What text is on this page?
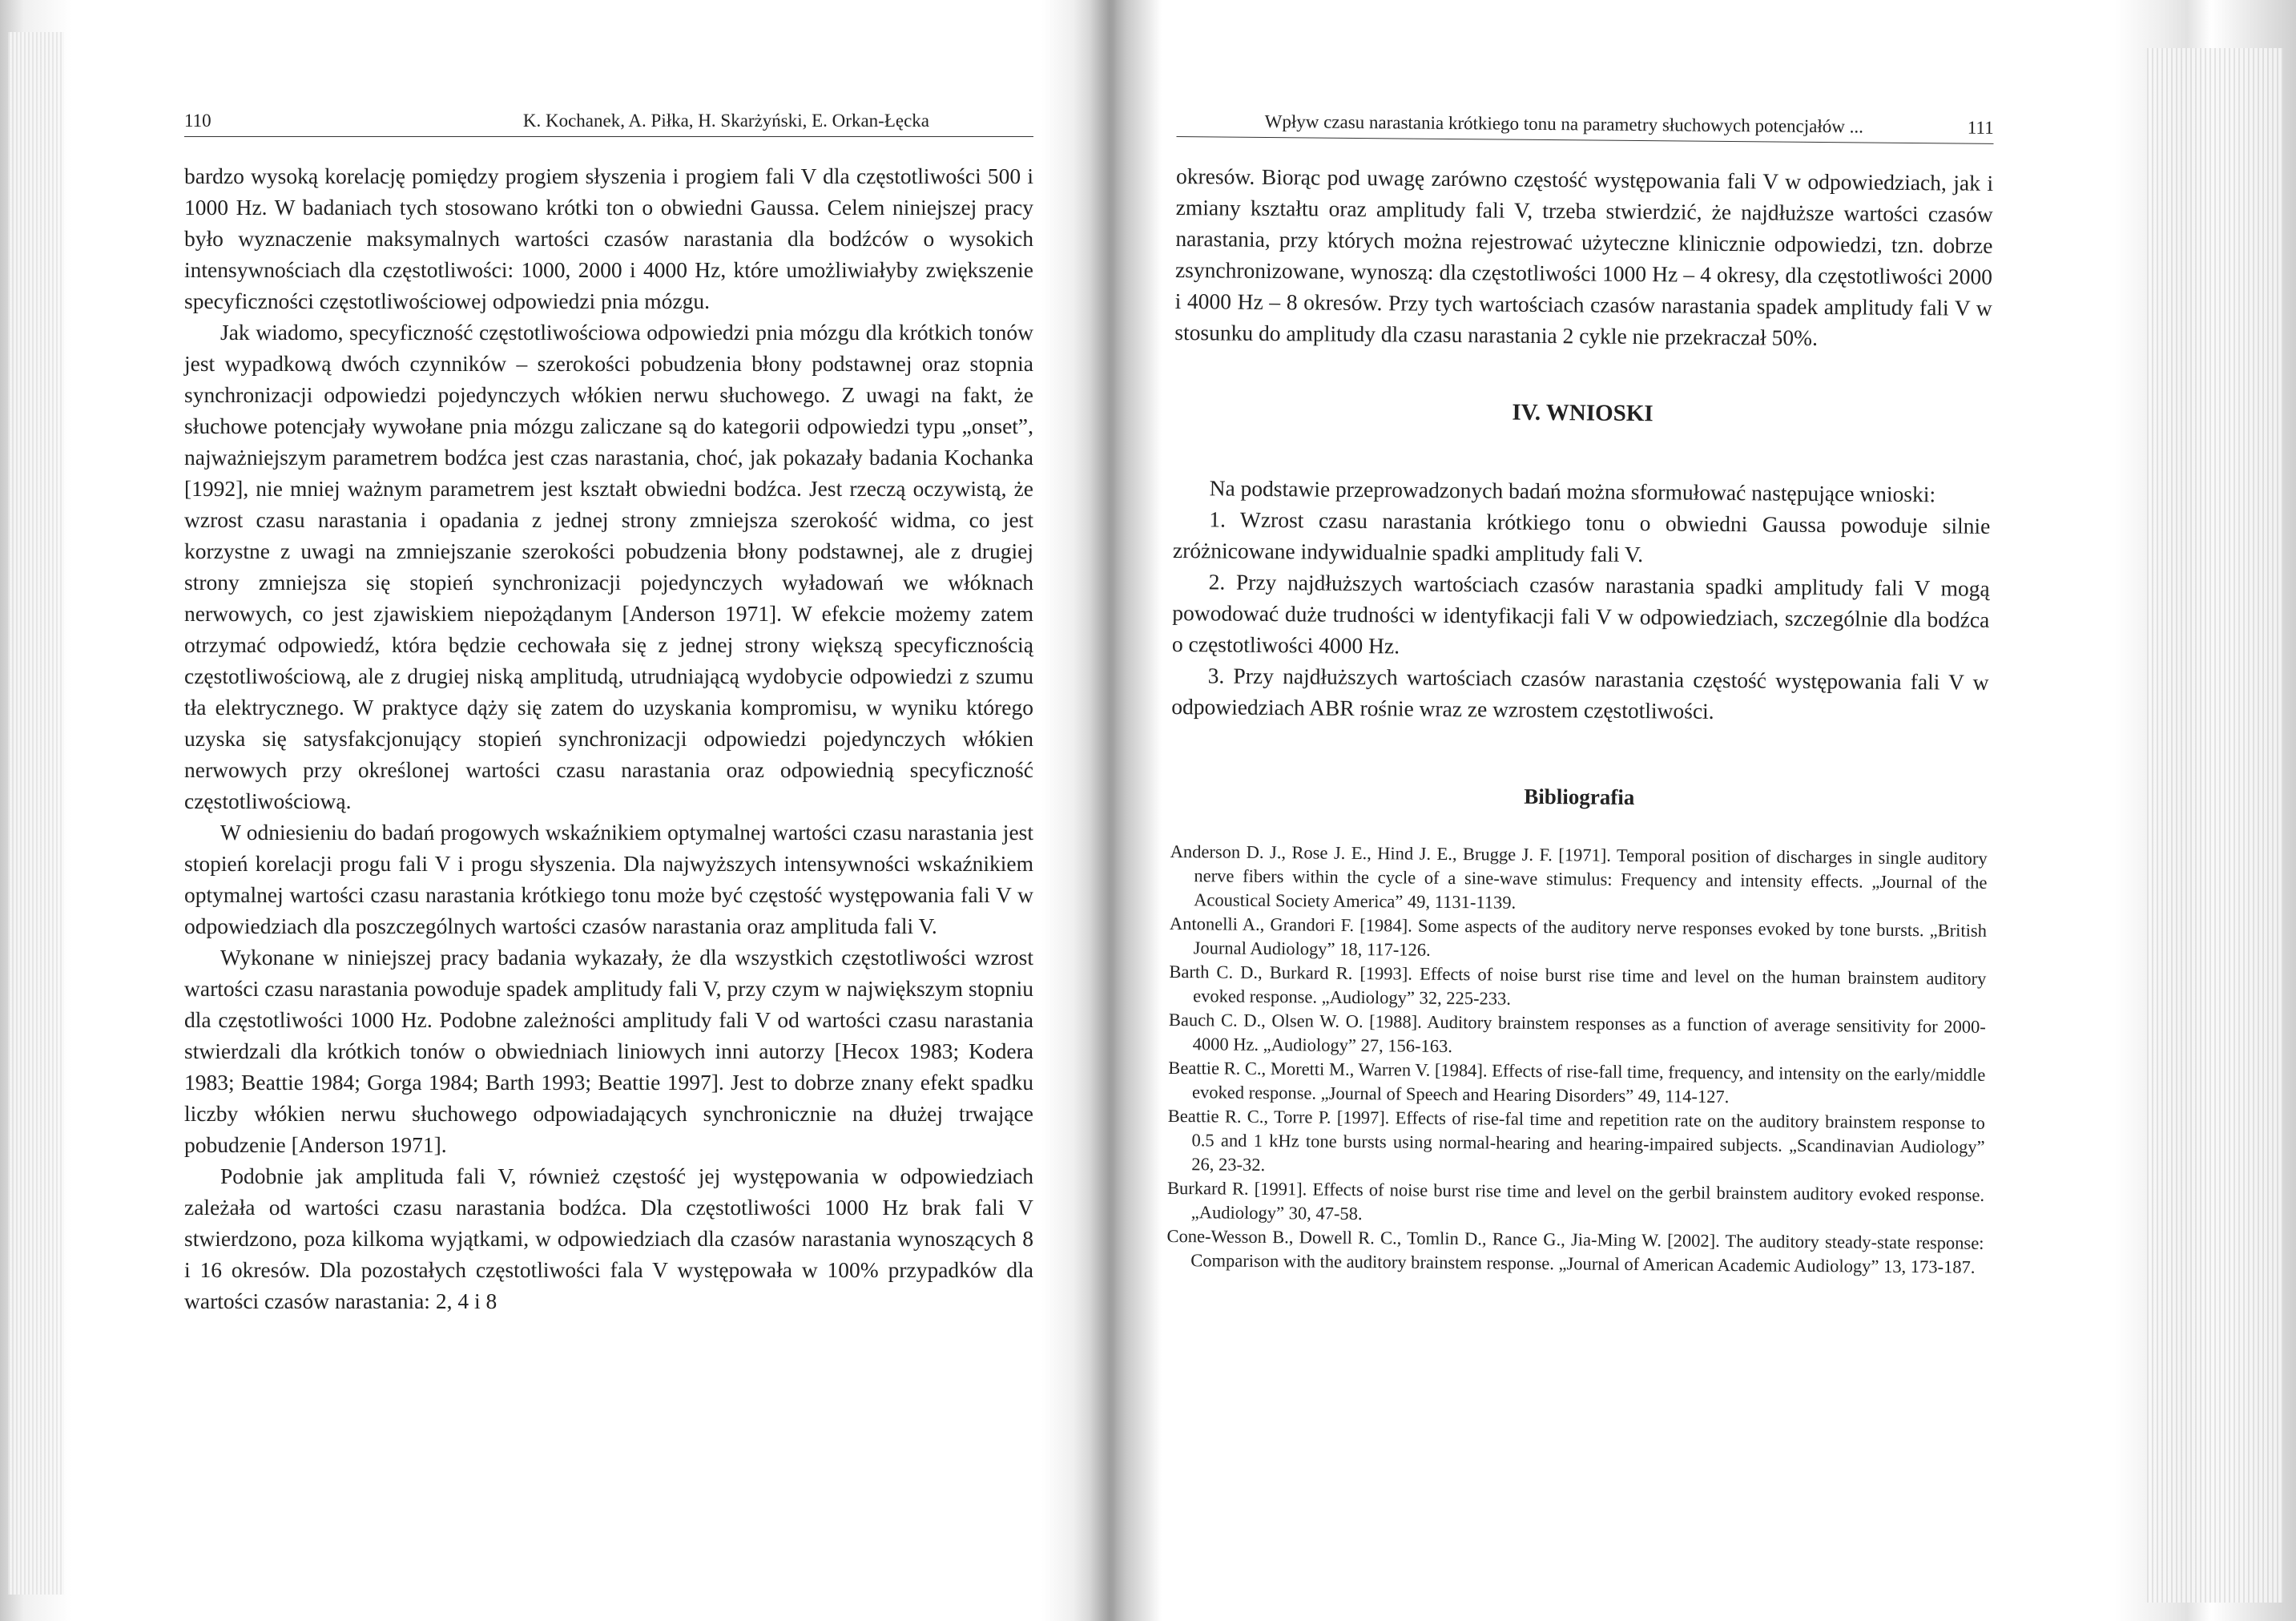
110	K. Kochanek, A. Piłka, H. Skarżyński, E. Orkan-Łęcka

bardzo wysoką korelację pomiędzy progiem słyszenia i progiem fali V dla częstotliwości 500 i 1000 Hz. W badaniach tych stosowano krótki ton o obwiedni Gaussa. Celem niniejszej pracy było wyznaczenie maksymalnych wartości czasów narastania dla bodźców o wysokich intensywnościach dla częstotliwości: 1000, 2000 i 4000 Hz, które umożliwiałyby zwiększenie specyficzności częstotliwościowej odpowiedzi pnia mózgu.

Jak wiadomo, specyficzność częstotliwościowa odpowiedzi pnia mózgu dla krótkich tonów jest wypadkową dwóch czynników – szerokości pobudzenia błony podstawnej oraz stopnia synchronizacji odpowiedzi pojedynczych włókien nerwu słuchowego. Z uwagi na fakt, że słuchowe potencjały wywołane pnia mózgu zaliczane są do kategorii odpowiedzi typu „onset”, najważniejszym parametrem bodźca jest czas narastania, choć, jak pokazały badania Kochanka [1992], nie mniej ważnym parametrem jest kształt obwiedni bodźca. Jest rzeczą oczywistą, że wzrost czasu narastania i opadania z jednej strony zmniejsza szerokość widma, co jest korzystne z uwagi na zmniejszanie szerokości pobudzenia błony podstawnej, ale z drugiej strony zmniejsza się stopień synchronizacji pojedynczych wyładowań we włóknach nerwowych, co jest zjawiskiem niepożądanym [Anderson 1971]. W efekcie możemy zatem otrzymać odpowiedź, która będzie cechowała się z jednej strony większą specyficznością częstotliwościową, ale z drugiej niską amplitudą, utrudniającą wydobycie odpowiedzi z szumu tła elektrycznego. W praktyce dąży się zatem do uzyskania kompromisu, w wyniku którego uzyska się satysfakcjonujący stopień synchronizacji odpowiedzi pojedynczych włókien nerwowych przy określonej wartości czasu narastania oraz odpowiednią specyficzność częstotliwościową.

W odniesieniu do badań progowych wskaźnikiem optymalnej wartości czasu narastania jest stopień korelacji progu fali V i progu słyszenia. Dla najwyższych intensywności wskaźnikiem optymalnej wartości czasu narastania krótkiego tonu może być częstość występowania fali V w odpowiedziach dla poszczególnych wartości czasów narastania oraz amplituda fali V.

Wykonane w niniejszej pracy badania wykazały, że dla wszystkich częstotliwości wzrost wartości czasu narastania powoduje spadek amplitudy fali V, przy czym w największym stopniu dla częstotliwości 1000 Hz. Podobne zależności amplitudy fali V od wartości czasu narastania stwierdzali dla krótkich tonów o obwiedniach liniowych inni autorzy [Hecox 1983; Kodera 1983; Beattie 1984; Gorga 1984; Barth 1993; Beattie 1997]. Jest to dobrze znany efekt spadku liczby włókien nerwu słuchowego odpowiadających synchronicznie na dłużej trwające pobudzenie [Anderson 1971].

Podobnie jak amplituda fali V, również częstość jej występowania w odpowiedziach zależała od wartości czasu narastania bodźca. Dla częstotliwości 1000 Hz brak fali V stwierdzono, poza kilkoma wyjątkami, w odpowiedziach dla czasów narastania wynoszących 8 i 16 okresów. Dla pozostałych częstotliwości fala V występowała w 100% przypadków dla wartości czasów narastania: 2, 4 i 8

Wpływ czasu narastania krótkiego tonu na parametry słuchowych potencjałów ...	111

okresów. Biorąc pod uwagę zarówno częstość występowania fali V w odpowiedziach, jak i zmiany kształtu oraz amplitudy fali V, trzeba stwierdzić, że najdłuższe wartości czasów narastania, przy których można rejestrować użyteczne klinicznie odpowiedzi, tzn. dobrze zsynchronizowane, wynoszą: dla częstotliwości 1000 Hz – 4 okresy, dla częstotliwości 2000 i 4000 Hz – 8 okresów. Przy tych wartościach czasów narastania spadek amplitudy fali V w stosunku do amplitudy dla czasu narastania 2 cykle nie przekraczał 50%.

IV. WNIOSKI

Na podstawie przeprowadzonych badań można sformułować następujące wnioski:

1. Wzrost czasu narastania krótkiego tonu o obwiedni Gaussa powoduje silnie zróżnicowane indywidualnie spadki amplitudy fali V.

2. Przy najdłuższych wartościach czasów narastania spadki amplitudy fali V mogą powodować duże trudności w identyfikacji fali V w odpowiedziach, szczególnie dla bodźca o częstotliwości 4000 Hz.

3. Przy najdłuższych wartościach czasów narastania częstość występowania fali V w odpowiedziach ABR rośnie wraz ze wzrostem częstotliwości.

Bibliografia

Anderson D. J., Rose J. E., Hind J. E., Brugge J. F. [1971]. Temporal position of discharges in single auditory nerve fibers within the cycle of a sine-wave stimulus: Frequency and intensity effects. „Journal of the Acoustical Society America” 49, 1131-1139.

Antonelli A., Grandori F. [1984]. Some aspects of the auditory nerve responses evoked by tone bursts. „British Journal Audiology” 18, 117-126.

Barth C. D., Burkard R. [1993]. Effects of noise burst rise time and level on the human brainstem auditory evoked response. „Audiology” 32, 225-233.

Bauch C. D., Olsen W. O. [1988]. Auditory brainstem responses as a function of average sensitivity for 2000-4000 Hz. „Audiology” 27, 156-163.

Beattie R. C., Moretti M., Warren V. [1984]. Effects of rise-fall time, frequency, and intensity on the early/middle evoked response. „Journal of Speech and Hearing Disorders” 49, 114-127.

Beattie R. C., Torre P. [1997]. Effects of rise-fal time and repetition rate on the auditory brainstem response to 0.5 and 1 kHz tone bursts using normal-hearing and hearing-impaired subjects. „Scandinavian Audiology” 26, 23-32.

Burkard R. [1991]. Effects of noise burst rise time and level on the gerbil brainstem auditory evoked response. „Audiology” 30, 47-58.

Cone-Wesson B., Dowell R. C., Tomlin D., Rance G., Jia-Ming W. [2002]. The auditory steady-state response: Comparison with the auditory brainstem response. „Journal of American Academic Audiology” 13, 173-187.
